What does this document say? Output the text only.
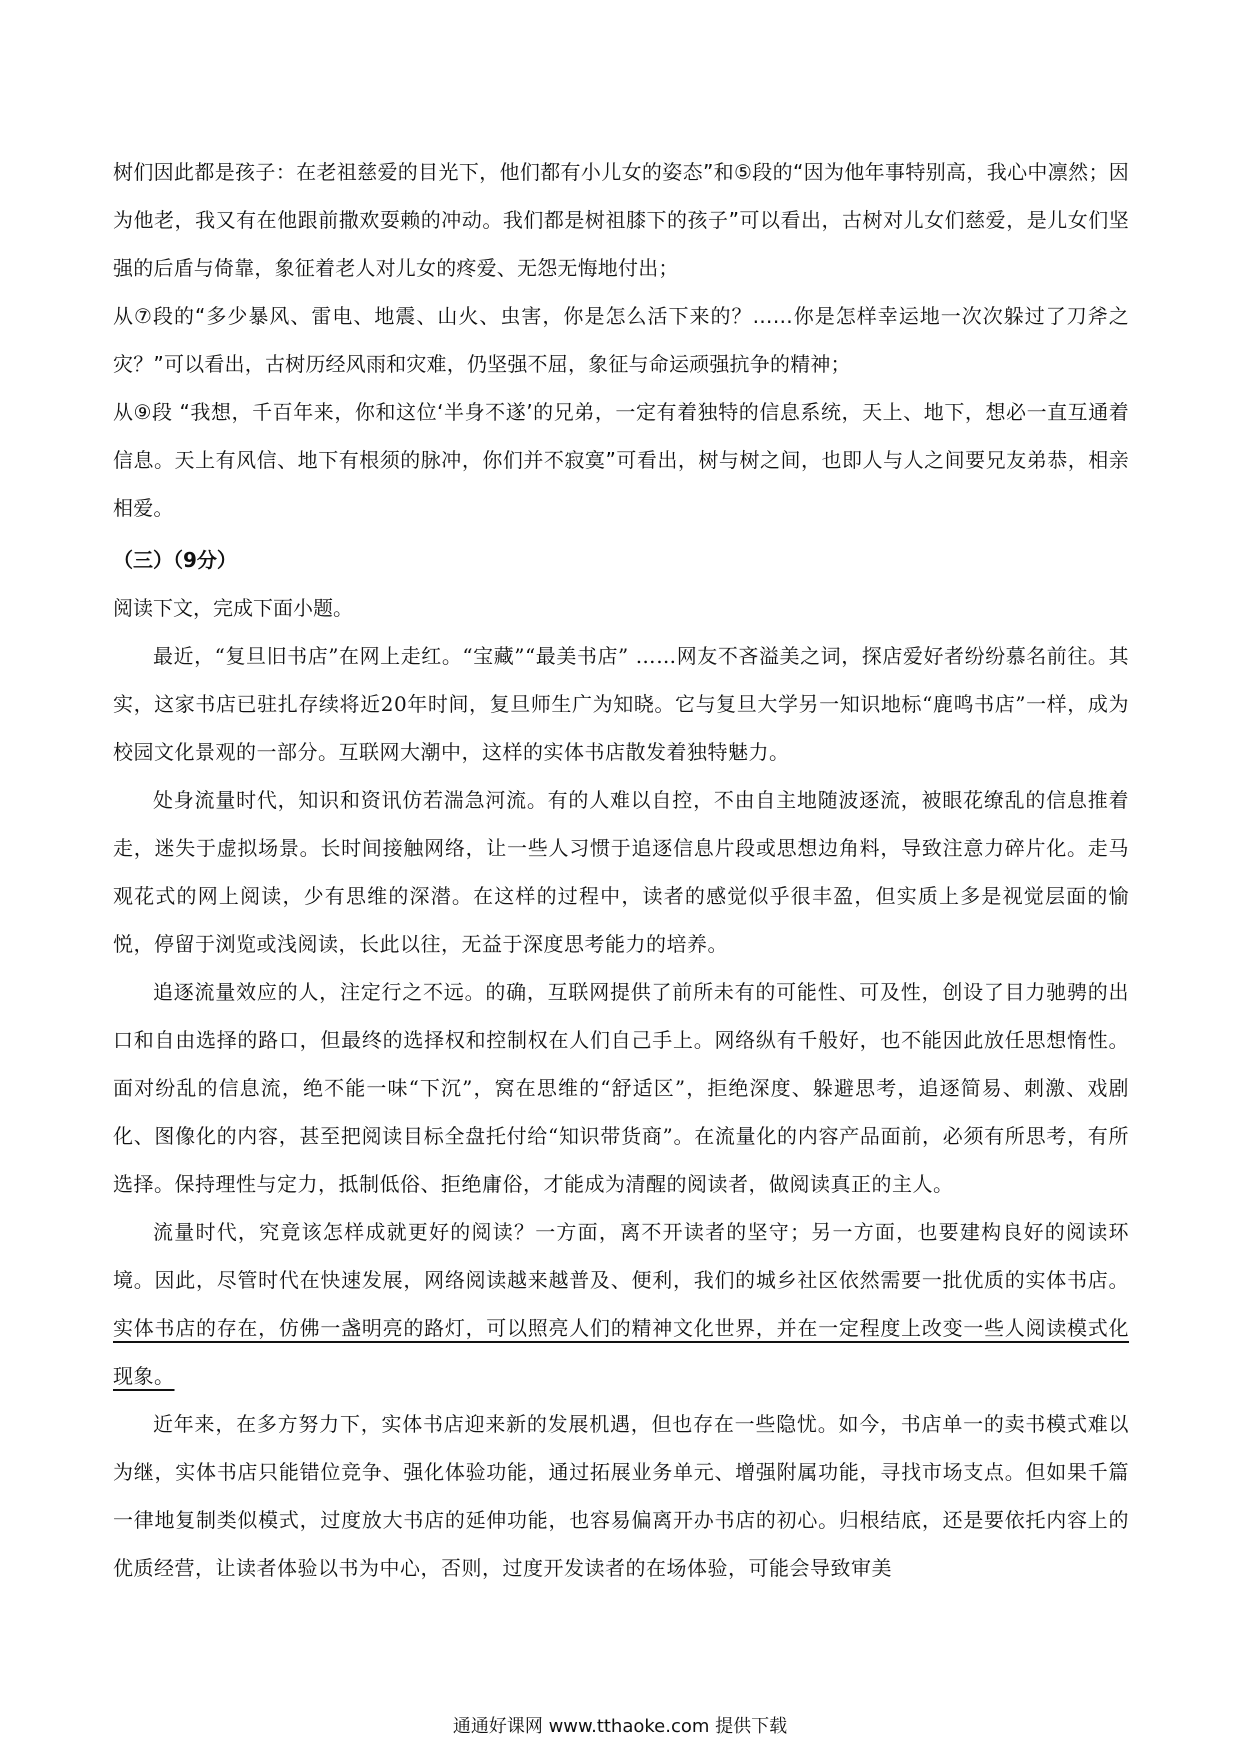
树们因此都是孩子：在老祖慈爱的目光下，他们都有小儿女的姿态”和⑤段的“因为他年事特别高，我心中凛然；因为他老，我又有在他跟前撒欢耍赖的冲动。我们都是树祖膝下的孩子”可以看出，古树对儿女们慈爱，是儿女们坚强的后盾与倚靠，象征着老人对儿女的疼爱、无怨无悔地付出；

从⑦段的“多少暴风、雷电、地震、山火、虫害，你是怎么活下来的？……你是怎样幸运地一次次躲过了刀斧之灾？”可以看出，古树历经风雨和灾难，仍坚强不屈，象征与命运顽强抗争的精神；

从⑨段 “我想，千百年来，你和这位‘半身不遂’的兄弟，一定有着独特的信息系统，天上、地下，想必一直互通着信息。天上有风信、地下有根须的脉冲，你们并不寂寞”可看出，树与树之间，也即人与人之间要兄友弟恭，相亲相爱。

（三）（9分）

阅读下文，完成下面小题。

最近，“复旦旧书店”在网上走红。“宝藏”“最美书店” ……网友不吝溢美之词，探店爱好者纷纷慕名前往。其实，这家书店已驻扎存续将近20年时间，复旦师生广为知晓。它与复旦大学另一知识地标“鹿鸣书店”一样，成为校园文化景观的一部分。互联网大潮中，这样的实体书店散发着独特魅力。

处身流量时代，知识和资讯仿若湍急河流。有的人难以自控，不由自主地随波逐流，被眼花缭乱的信息推着走，迷失于虚拟场景。长时间接触网络，让一些人习惯于追逐信息片段或思想边角料，导致注意力碎片化。走马观花式的网上阅读，少有思维的深潜。在这样的过程中，读者的感觉似乎很丰盈，但实质上多是视觉层面的愉悦，停留于浏览或浅阅读，长此以往，无益于深度思考能力的培养。

追逐流量效应的人，注定行之不远。的确，互联网提供了前所未有的可能性、可及性，创设了目力驰骋的出口和自由选择的路口，但最终的选择权和控制权在人们自己手上。网络纵有千般好，也不能因此放任思想惰性。面对纷乱的信息流，绝不能一味“下沉”，窝在思维的“舒适区”，拒绝深度、躲避思考，追逐简易、刺激、戏剧化、图像化的内容，甚至把阅读目标全盘托付给“知识带货商”。在流量化的内容产品面前，必须有所思考，有所选择。保持理性与定力，抵制低俗、拒绝庸俗，才能成为清醒的阅读者，做阅读真正的主人。

流量时代，究竟该怎样成就更好的阅读？一方面，离不开读者的坚守；另一方面，也要建构良好的阅读环境。因此，尽管时代在快速发展，网络阅读越来越普及、便利，我们的城乡社区依然需要一批优质的实体书店。实体书店的存在，仿佛一盏明亮的路灯，可以照亮人们的精神文化世界，并在一定程度上改变一些人阅读模式化现象。

近年来，在多方努力下，实体书店迎来新的发展机遇，但也存在一些隐忧。如今，书店单一的卖书模式难以为继，实体书店只能错位竞争、强化体验功能，通过拓展业务单元、增强附属功能，寻找市场支点。但如果千篇一律地复制类似模式，过度放大书店的延伸功能，也容易偏离开办书店的初心。归根结底，还是要依托内容上的优质经营，让读者体验以书为中心，否则，过度开发读者的在场体验，可能会导致审美

通通好课网 www.tthaoke.com 提供下载
